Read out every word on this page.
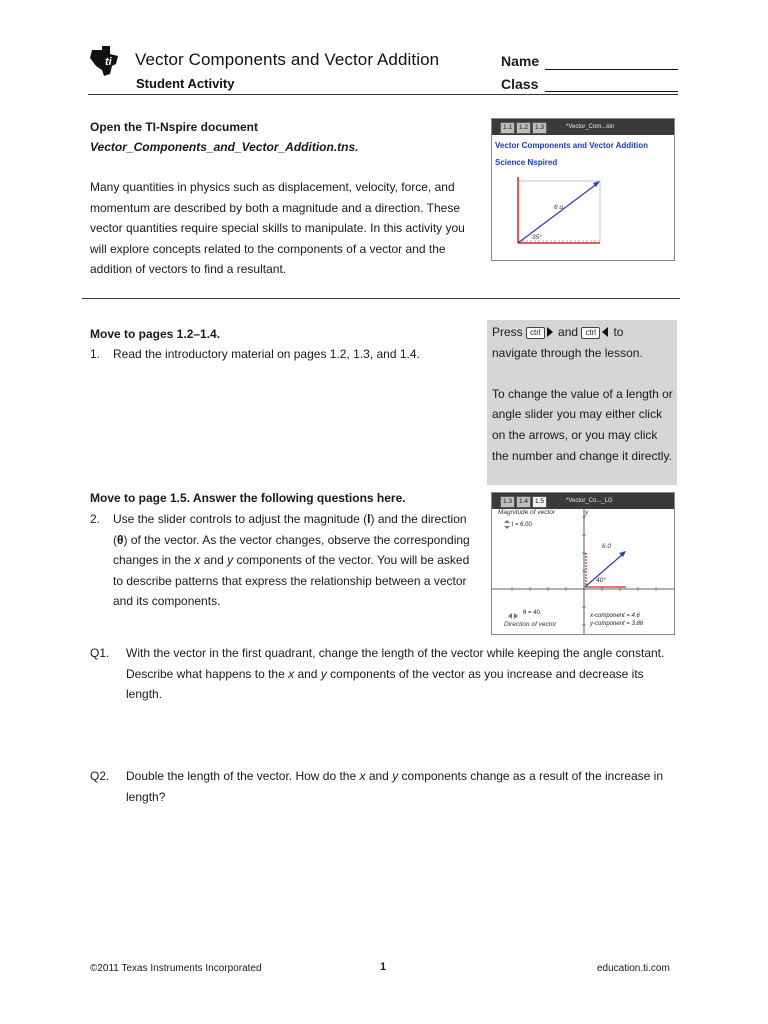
ti Vector Components and Vector Addition
Student Activity
Name
Class
Open the TI-Nspire document
Vector_Components_and_Vector_Addition.tns.
Many quantities in physics such as displacement, velocity, force, and momentum are described by both a magnitude and a direction. These vector quantities require special skills to manipulate. In this activity you will explore concepts related to the components of a vector and the addition of vectors to find a resultant.
1.1	1.2	1.3	*Vector_Com...ion
Vector Components and Vector Addition
Science Nspired
6 u
35°
Move to pages 1.2–1.4.
1. Read the introductory material on pages 1.2, 1.3, and 1.4.
Press ctrl and ctrl to
navigate through the lesson.
To change the value of a length or angle slider you may either click on the arrows, or you may click the number and change it directly.
Move to page 1.5. Answer the following questions here.
2. Use the slider controls to adjust the magnitude (l) and the direction (θ) of the vector. As the vector changes, observe the corresponding changes in the x and y components of the vector. You will be asked to describe patterns that express the relationship between a vector and its components.
1.3	1.4	1.5	*Vector_Co..._LG
Magnitude of vector
l = 6.00
y
6.0
40°
θ = 40.
Direction of vector
x-component = 4.6
y-component = 3.86
Q1. With the vector in the first quadrant, change the length of the vector while keeping the angle constant. Describe what happens to the x and y components of the vector as you increase and decrease its length.
Q2. Double the length of the vector. How do the x and y components change as a result of the increase in length?
©2011 Texas Instruments Incorporated	1	education.ti.com
